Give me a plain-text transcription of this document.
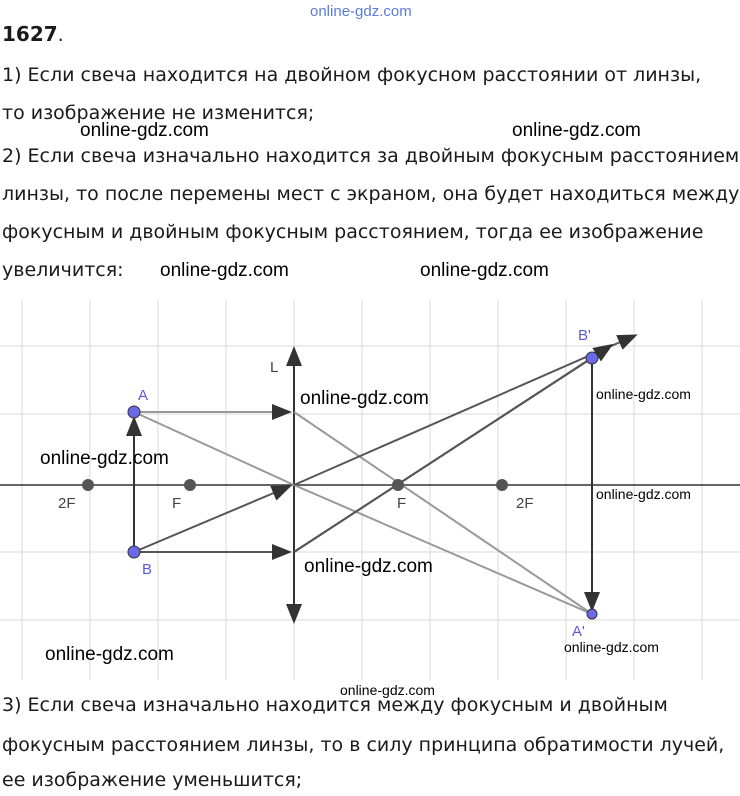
online-gdz.com
1627.
1) Если свеча находится на двойном фокусном расстоянии от линзы,
то изображение не изменится;
2) Если свеча изначально находится за двойным фокусным расстоянием
линзы, то после перемены мест с экраном, она будет находиться между
фокусным и двойным фокусным расстоянием, тогда ее изображение
увеличится:
L
A
B
B'
A'
2F	F	F	2F
3) Если свеча изначально находится между фокусным и двойным
фокусным расстоянием линзы, то в силу принципа обратимости лучей,
ее изображение уменьшится;
online-gdz.com	online-gdz.com
online-gdz.com	online-gdz.com
online-gdz.com
online-gdz.com
online-gdz.com
online-gdz.com
online-gdz.com
online-gdz.com
online-gdz.com
online-gdz.com
